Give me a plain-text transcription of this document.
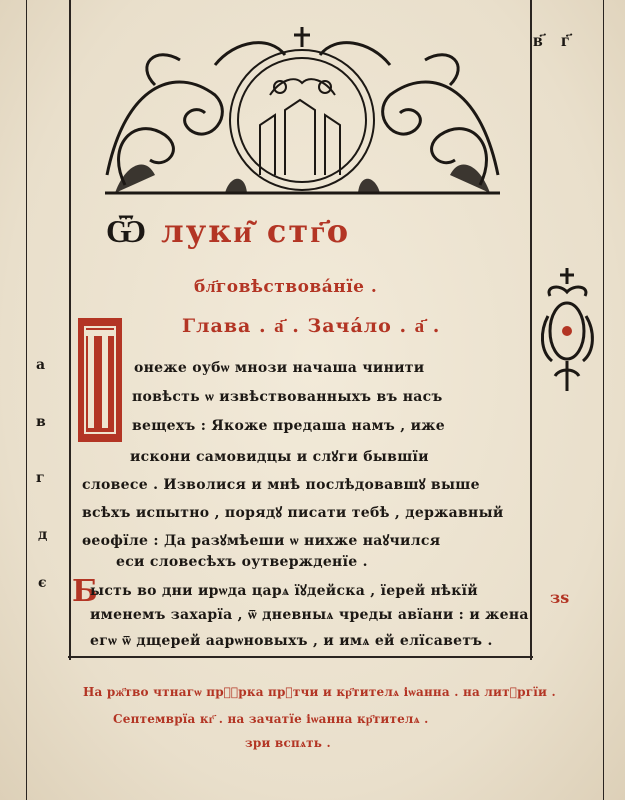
в҃ г҃
Ѿ луки͂ стг҃о
бл҃говѣствова́нїе .
Глава . а҃ . Зача́ло . а҃ .
онеже оубѡ мнози начаша чинити
повѣсть ѡ извѣствованныхъ въ насъ
вещехъ : Якоже предаша намъ , иже
искони самовидцы и слꙋги бывшїи
словесе . Изволися и мнѣ послѣдовавшꙋ выше
всѣхъ испытно , порядꙋ писати тебѣ , державный
ѳеофїле : Да разꙋмѣеши ѡ нихже наꙋчился
еси словесѣхъ оутвержденїе .
Б
ысть во дни ирѡда царѧ їꙋдейска , їерей нѣкїй
именемъ захарїа , ѿ дневныѧ чреды авїани : и жена
егѡ ѿ дщерей аарѡновыхъ , и имѧ ей елїсаветъ .
а
в
г
д
є
зѕ
На рж҃тво чтнагѡ прⷪ҇рка прⷣтчи и кр҃тителѧ іѡанна . на литꙋргїи .
Септемврїа кг҃ . на зачатїе іѡанна кр҃тителѧ .
зри вспѧть .
